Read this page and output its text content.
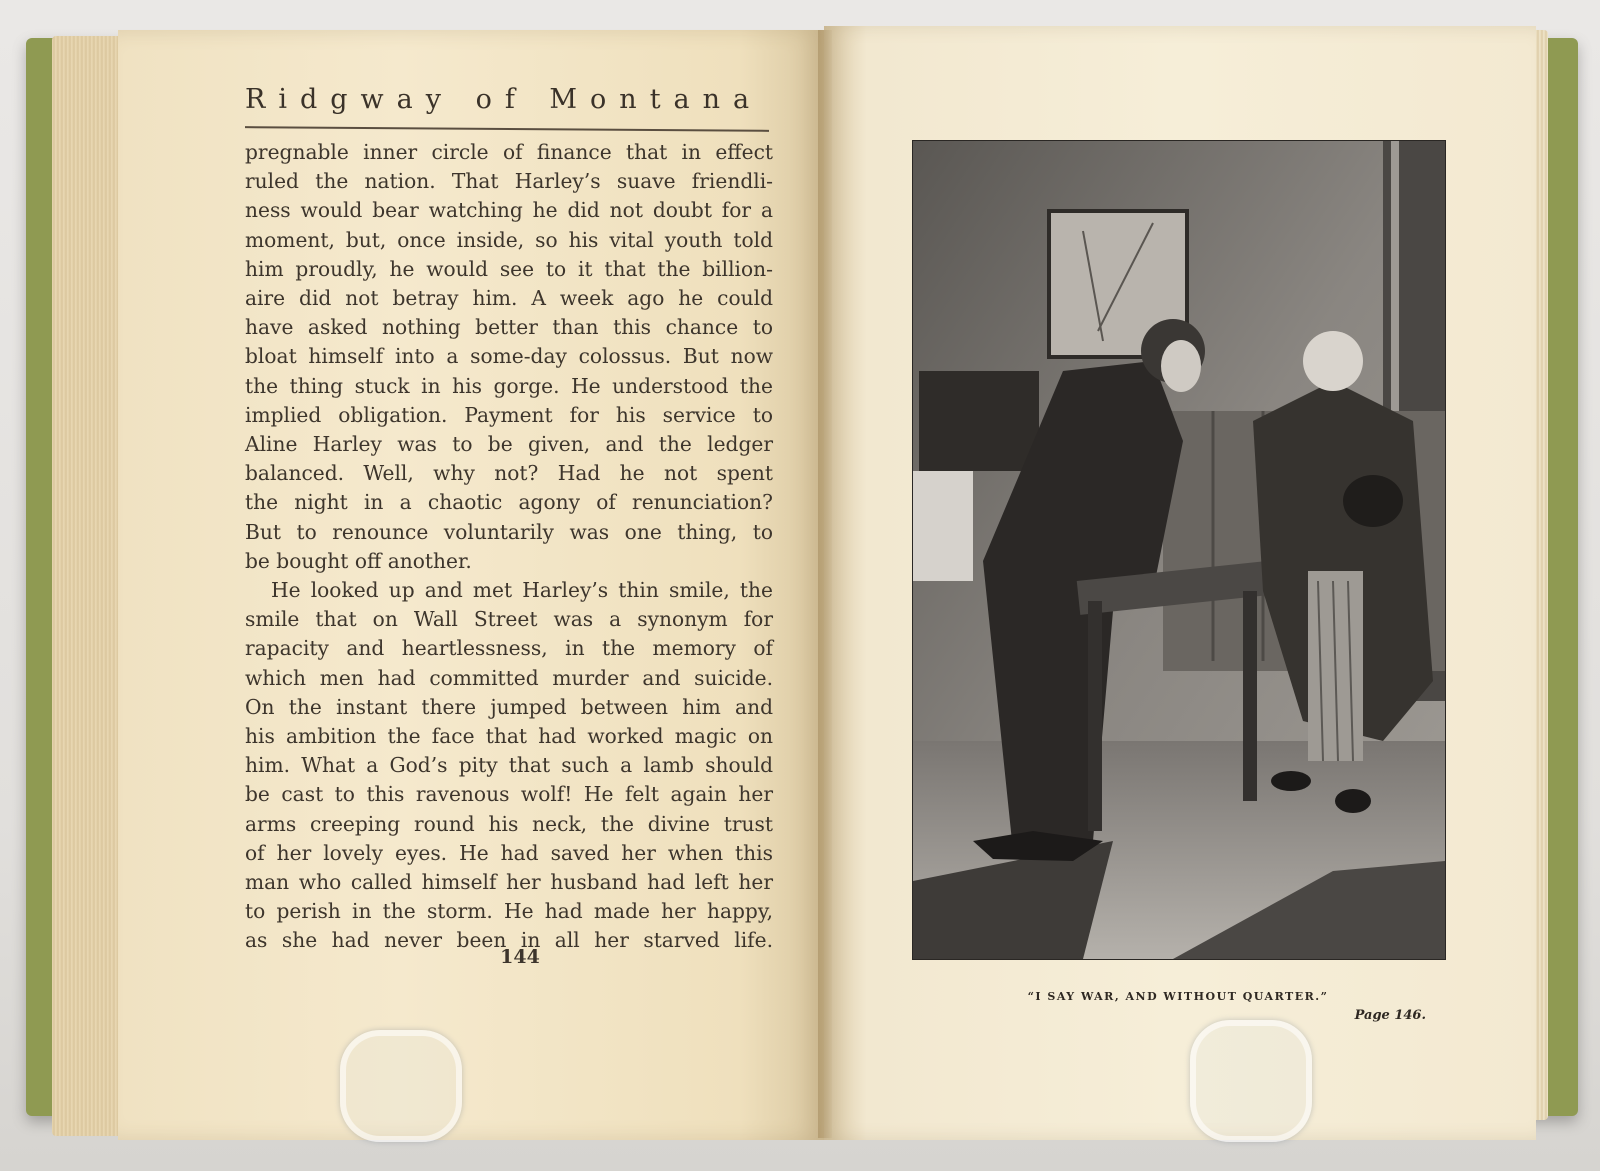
Ridgway of Montana
pregnable inner circle of finance that in effect
ruled the nation. That Harley’s suave friendli-
ness would bear watching he did not doubt for a
moment, but, once inside, so his vital youth told
him proudly, he would see to it that the billion-
aire did not betray him. A week ago he could
have asked nothing better than this chance to
bloat himself into a some-day colossus. But now
the thing stuck in his gorge. He understood the
implied obligation. Payment for his service to
Aline Harley was to be given, and the ledger
balanced. Well, why not? Had he not spent
the night in a chaotic agony of renunciation?
But to renounce voluntarily was one thing, to
be bought off another.
He looked up and met Harley’s thin smile, the
smile that on Wall Street was a synonym for
rapacity and heartlessness, in the memory of
which men had committed murder and suicide.
On the instant there jumped between him and
his ambition the face that had worked magic on
him. What a God’s pity that such a lamb should
be cast to this ravenous wolf! He felt again her
arms creeping round his neck, the divine trust
of her lovely eyes. He had saved her when this
man who called himself her husband had left her
to perish in the storm. He had made her happy,
as she had never been in all her starved life.
144
“I SAY WAR, AND WITHOUT QUARTER.”
Page 146.
